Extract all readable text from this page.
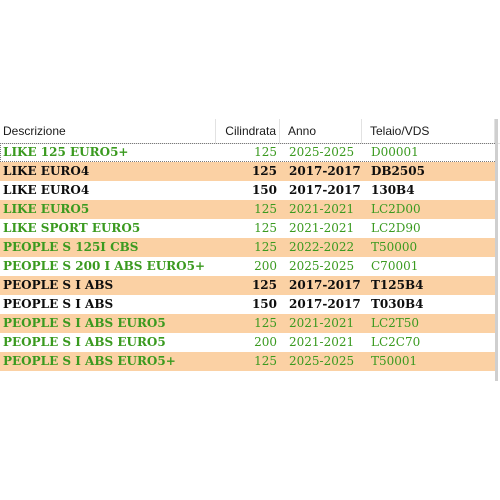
Descrizione	Cilindrata	Anno	Telaio/VDS
LIKE 125 EURO5+	125 2025-2025	D00001
LIKE EURO4	125 2017-2017 DB2505
LIKE EURO4	150 2017-2017 130B4
LIKE EURO5	125 2021-2021	LC2D00
LIKE SPORT EURO5	125 2021-2021	LC2D90
PEOPLE S 125I CBS	125 2022-2022	T50000
PEOPLE S 200 I ABS EURO5+	200 2025-2025	C70001
PEOPLE S I ABS	125 2017-2017 T125B4
PEOPLE S I ABS	150 2017-2017 T030B4
PEOPLE S I ABS EURO5	125 2021-2021	LC2T50
PEOPLE S I ABS EURO5	200 2021-2021	LC2C70
PEOPLE S I ABS EURO5+	125 2025-2025	T50001
